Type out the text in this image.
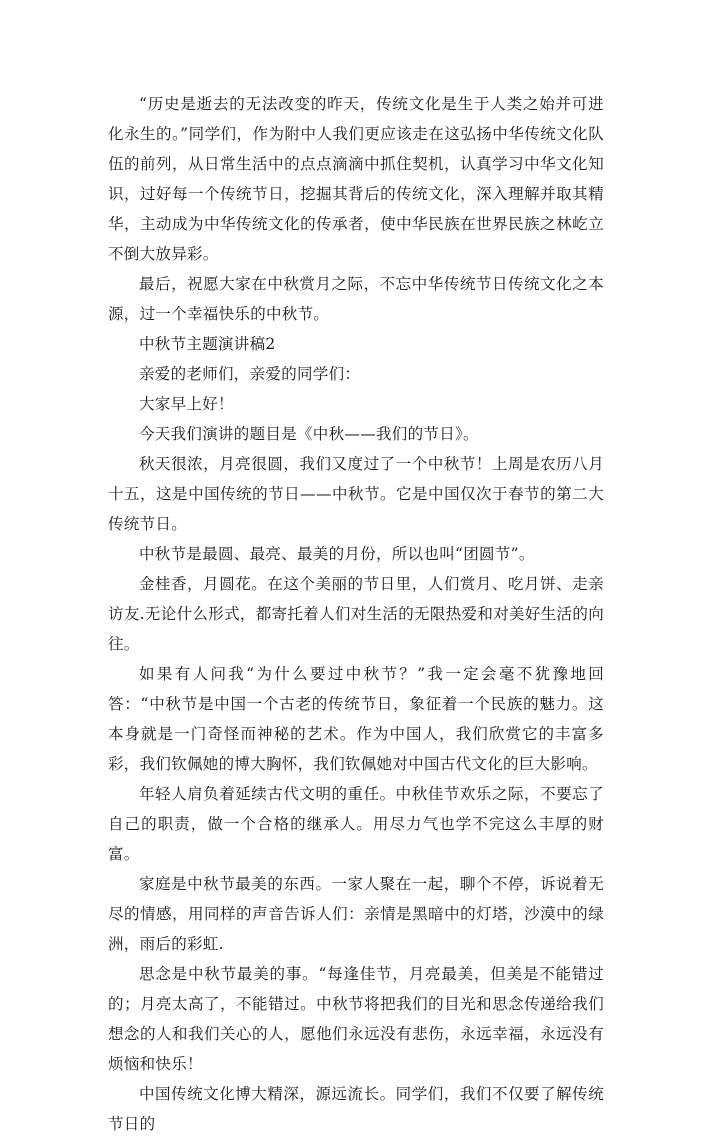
“历史是逝去的无法改变的昨天，传统文化是生于人类之始并可进化永生的。”同学们，作为附中人我们更应该走在这弘扬中华传统文化队伍的前列，从日常生活中的点点滴滴中抓住契机，认真学习中华文化知识，过好每一个传统节日，挖掘其背后的传统文化，深入理解并取其精华，主动成为中华传统文化的传承者，使中华民族在世界民族之林屹立不倒大放异彩。

最后，祝愿大家在中秋赏月之际，不忘中华传统节日传统文化之本源，过一个幸福快乐的中秋节。

中秋节主题演讲稿2

亲爱的老师们，亲爱的同学们：

大家早上好！

今天我们演讲的题目是《中秋——我们的节日》。

秋天很浓，月亮很圆，我们又度过了一个中秋节！上周是农历八月十五，这是中国传统的节日——中秋节。它是中国仅次于春节的第二大传统节日。

中秋节是最圆、最亮、最美的月份，所以也叫“团圆节”。

金桂香，月圆花。在这个美丽的节日里，人们赏月、吃月饼、走亲访友.无论什么形式，都寄托着人们对生活的无限热爱和对美好生活的向往。

如果有人问我“为什么要过中秋节？”我一定会毫不犹豫地回答：“中秋节是中国一个古老的传统节日，象征着一个民族的魅力。这本身就是一门奇怪而神秘的艺术。作为中国人，我们欣赏它的丰富多彩，我们钦佩她的博大胸怀，我们钦佩她对中国古代文化的巨大影响。

年轻人肩负着延续古代文明的重任。中秋佳节欢乐之际，不要忘了自己的职责，做一个合格的继承人。用尽力气也学不完这么丰厚的财富。

家庭是中秋节最美的东西。一家人聚在一起，聊个不停，诉说着无尽的情感，用同样的声音告诉人们：亲情是黑暗中的灯塔，沙漠中的绿洲，雨后的彩虹.

思念是中秋节最美的事。“每逢佳节，月亮最美，但美是不能错过的；月亮太高了，不能错过。中秋节将把我们的目光和思念传递给我们想念的人和我们关心的人，愿他们永远没有悲伤，永远幸福，永远没有烦恼和快乐！

中国传统文化博大精深，源远流长。同学们，我们不仅要了解传统节日的
